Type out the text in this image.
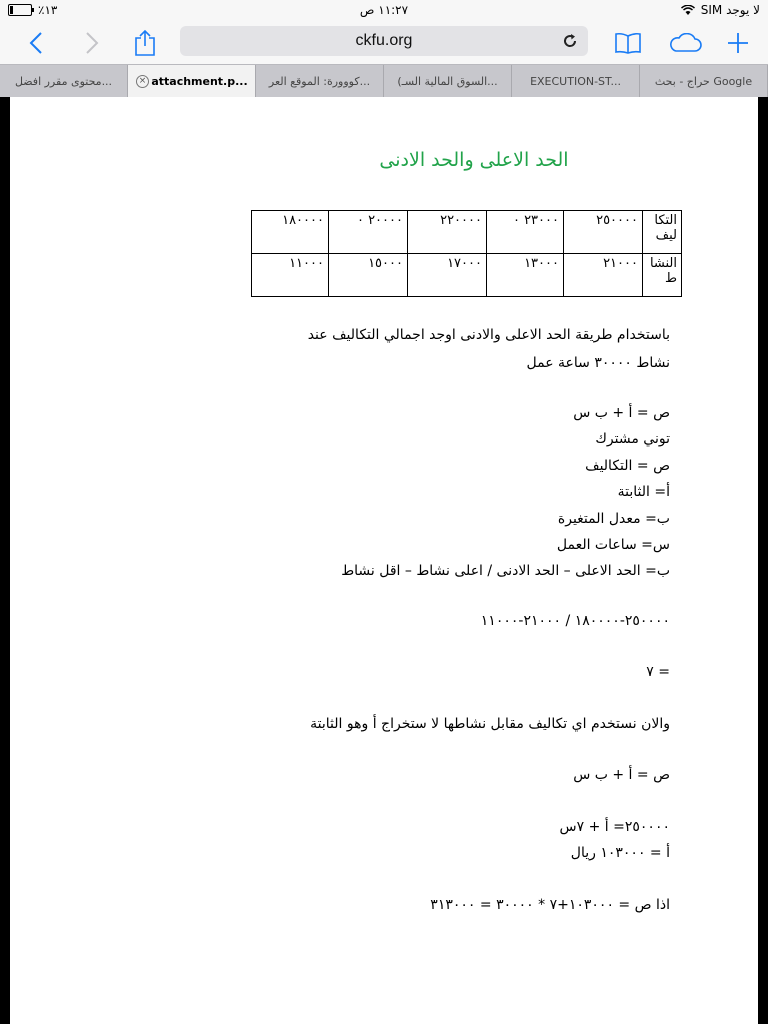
٪١٣	١١:٢٧ ص	لا يوجد SIM
ckfu.org
حراج - بحث Google
EXECUTION-ST...
(السوق المالية السـ...
كووورة: الموقع العر...
× attachment.p...
محتوى مقرر افضل...
الحد الاعلى والحد الادنى
التكا ليف	٢٥٠٠٠٠	٢٣٠٠٠ ٠	٢٢٠٠٠٠	٢٠٠٠٠ ٠	١٨٠٠٠٠
النشا ط	٢١٠٠٠	١٣٠٠٠	١٧٠٠٠	١٥٠٠٠	١١٠٠٠
باستخدام طريقة الحد الاعلى والادنى اوجد اجمالي التكاليف عند
نشاط ٣٠٠٠٠ ساعة عمل
ص = أ + ب س
توني مشترك
ص = التكاليف
أ= الثابتة
ب= معدل المتغيرة
س= ساعات العمل
ب= الحد الاعلى – الحد الادنى / اعلى نشاط – اقل نشاط
٢٥٠٠٠٠-١٨٠٠٠٠ / ٢١٠٠٠-١١٠٠٠
= ٧
والان نستخدم اي تكاليف مقابل نشاطها لا ستخراج أ وهو الثابتة
ص = أ + ب س
٢٥٠٠٠٠= أ + ٧س
أ = ١٠٣٠٠٠ ريال
اذا ص = ١٠٣٠٠٠+٧ * ٣٠٠٠٠ = ٣١٣٠٠٠
